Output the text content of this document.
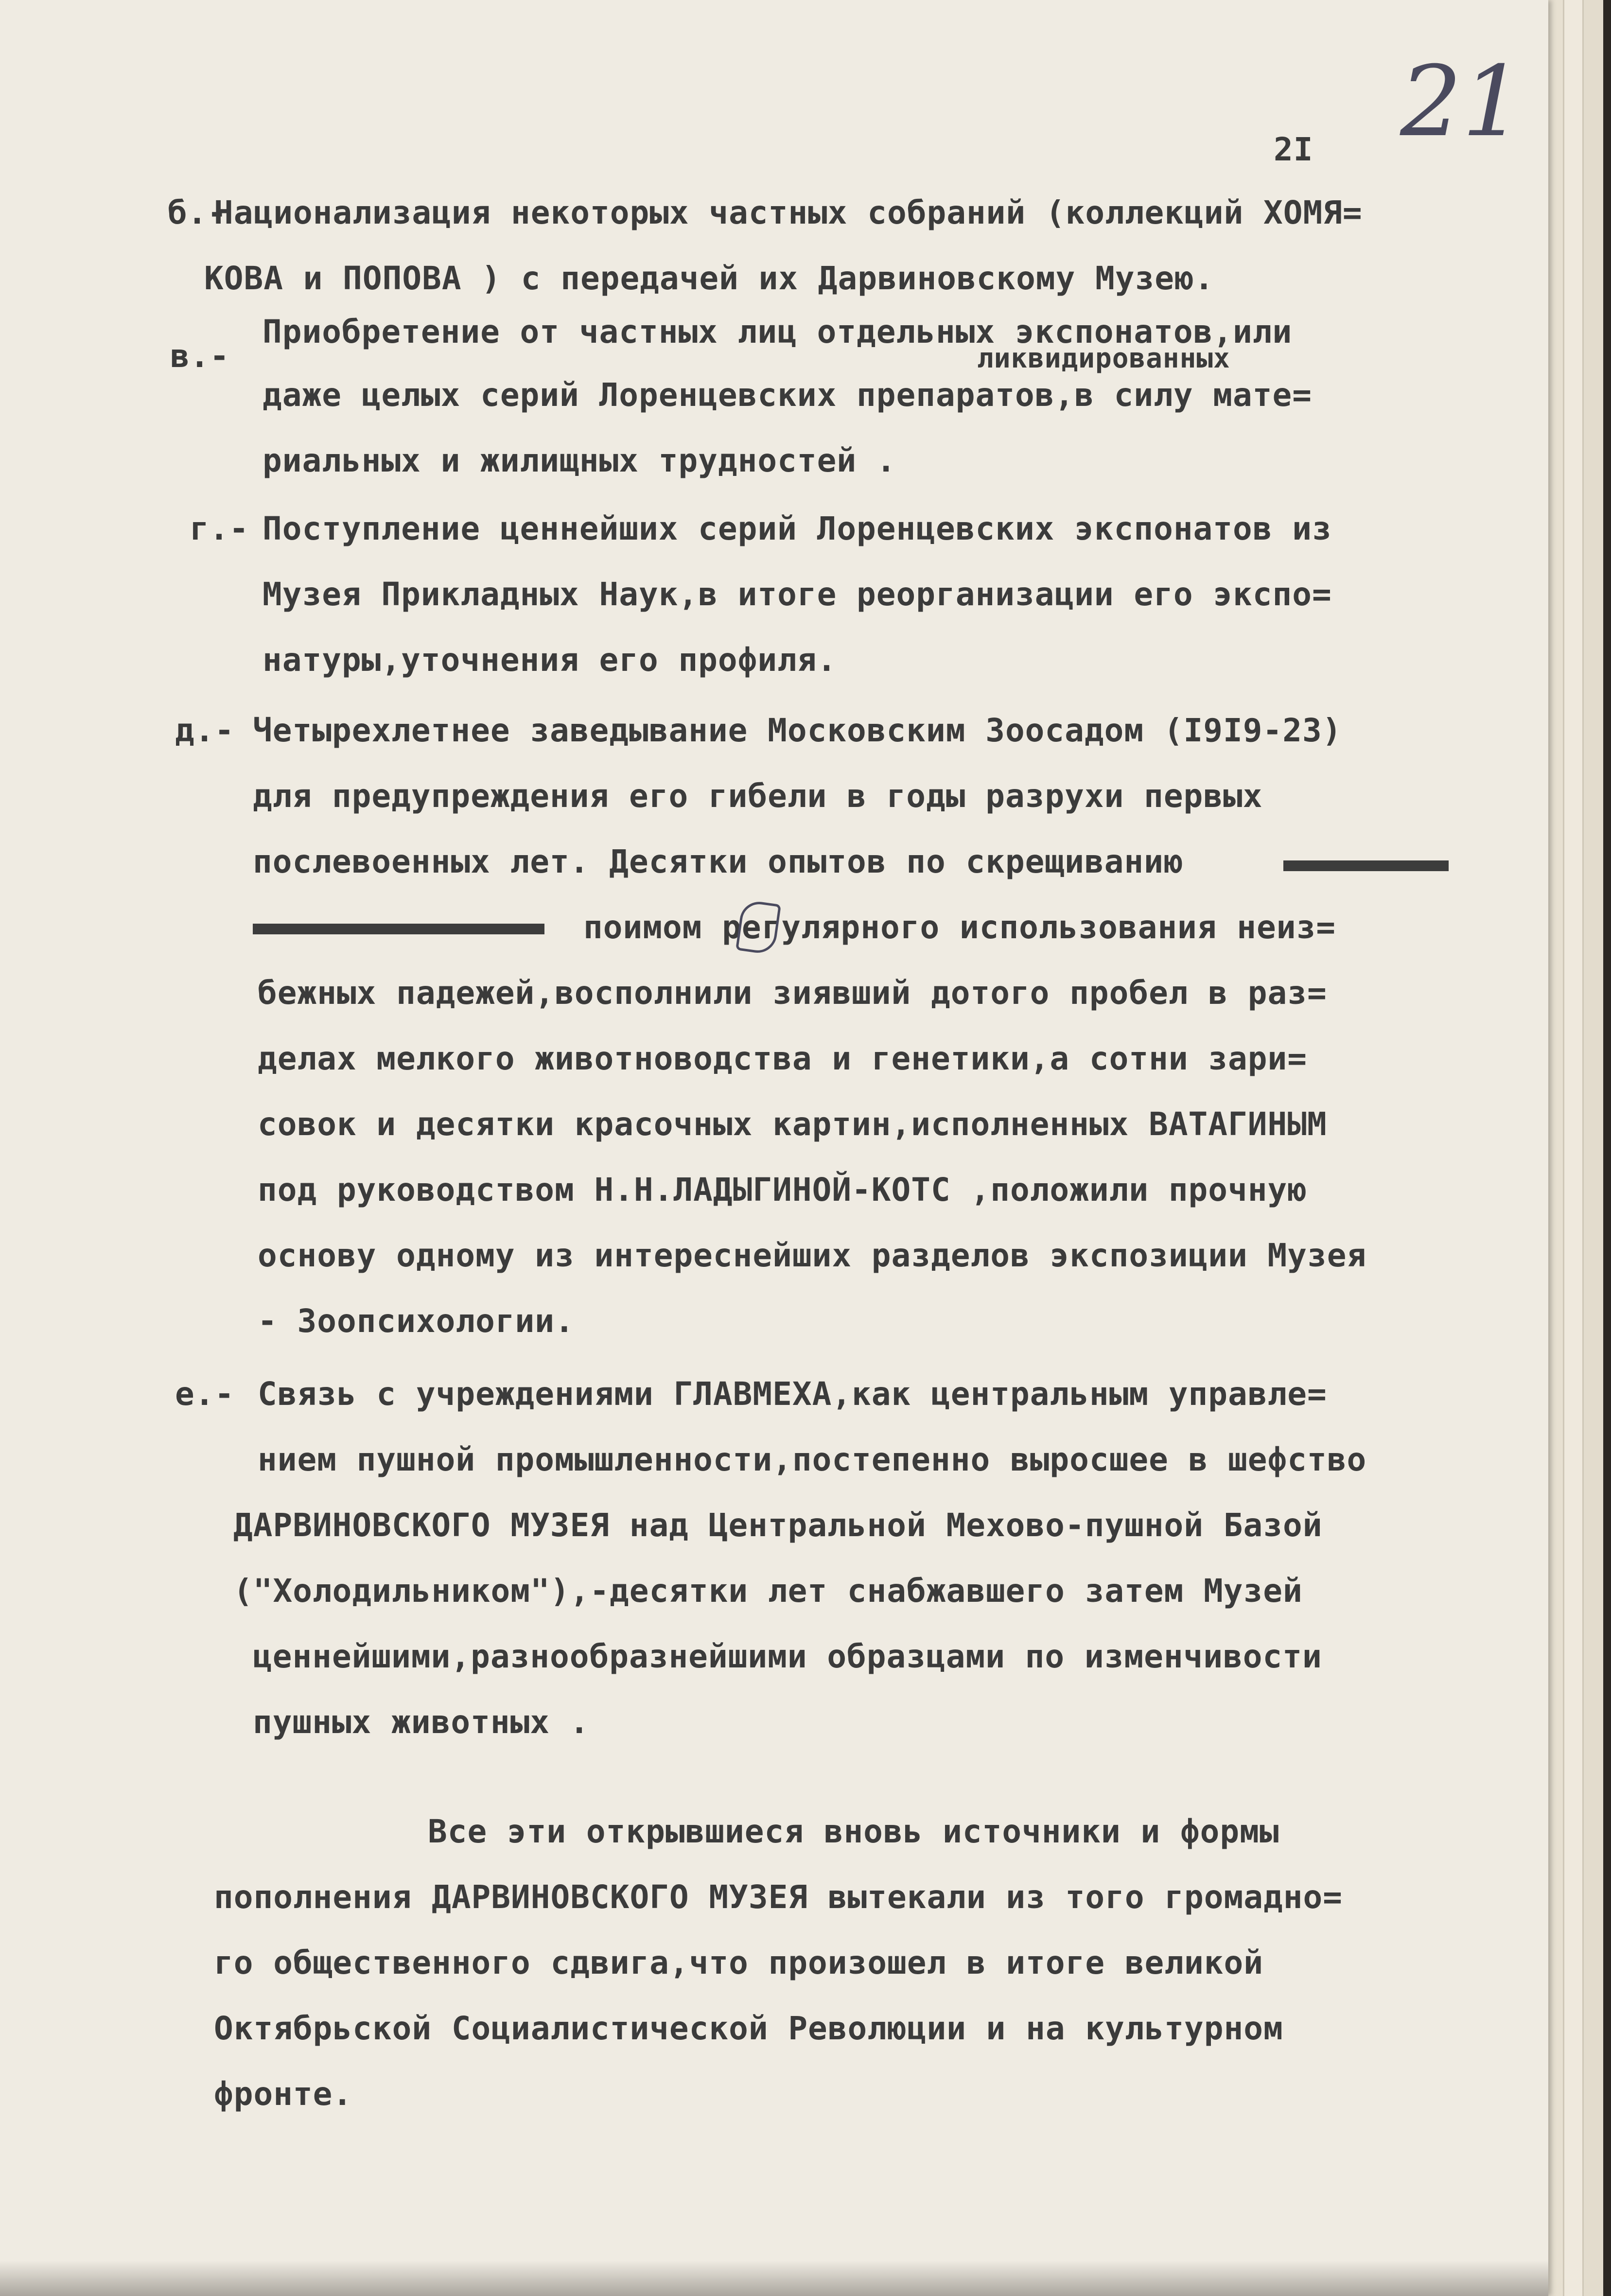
21

2I

б.-

Национализация некоторых частных собраний (коллекций ХОМЯ=

КОВА и ПОПОВА ) с передачей их Дарвиновскому Музею.

в.-

Приобретение от частных лиц отдельных экспонатов,или

ликвидированных

даже целых серий Лоренцевских препаратов,в силу мате=

риальных и жилищных трудностей .

г.- Поступление ценнейших серий Лоренцевских экспонатов из

Музея Прикладных Наук,в итоге реорганизации его экспо=

натуры,уточнения его профиля.

д.- Четырехлетнее заведывание Московским Зоосадом (I9I9-23)

для предупреждения его гибели в годы разрухи первых

послевоенных лет. Десятки опытов по скрещиванию

поимом регулярного использования неиз=

бежных падежей,восполнили зиявший дотого пробел в раз=

делах мелкого животноводства и генетики,а сотни зари=

совок и десятки красочных картин,исполненных ВАТАГИНЫМ

под руководством Н.Н.ЛАДЫГИНОЙ-КОТС ,положили прочную

основу одному из интереснейших разделов экспозиции Музея

- Зоопсихологии.

е.- Связь с учреждениями ГЛАВМЕХА,как центральным управле=

нием пушной промышленности,постепенно выросшее в шефство

ДАРВИНОВСКОГО МУЗЕЯ над Центральной Мехово-пушной Базой

("Холодильником"),-десятки лет снабжавшего затем Музей

ценнейшими,разнообразнейшими образцами по изменчивости

пушных животных .

Все эти открывшиеся вновь источники и формы

пополнения ДАРВИНОВСКОГО МУЗЕЯ вытекали из того громадно=

го общественного сдвига,что произошел в итоге великой

Октябрьской Социалистической Революции и на культурном

фронте.
